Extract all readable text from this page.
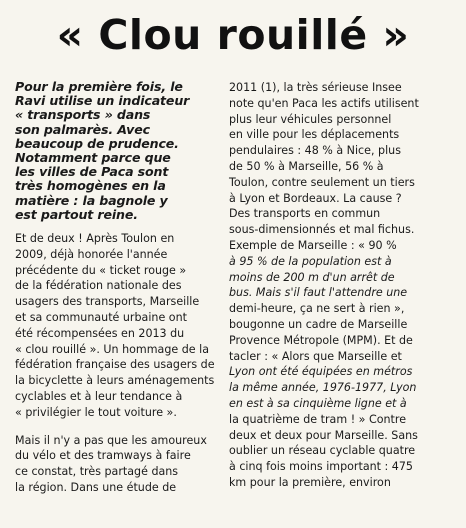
« Clou rouillé »
Pour la première fois, le
Ravi utilise un indicateur
« transports » dans
son palmarès. Avec
beaucoup de prudence.
Notamment parce que
les villes de Paca sont
très homogènes en la
matière : la bagnole y
est partout reine.

Et de deux ! Après Toulon en
2009, déjà honorée l'année
précédente du « ticket rouge »
de la fédération nationale des
usagers des transports, Marseille
et sa communauté urbaine ont
été récompensées en 2013 du
« clou rouillé ». Un hommage de la
fédération française des usagers de
la bicyclette à leurs aménagements
cyclables et à leur tendance à
« privilégier le tout voiture ».

Mais il n'y a pas que les amoureux
du vélo et des tramways à faire
ce constat, très partagé dans
la région. Dans une étude de

2011 (1), la très sérieuse Insee
note qu'en Paca les actifs utilisent
plus leur véhicules personnel
en ville pour les déplacements
pendulaires : 48 % à Nice, plus
de 50 % à Marseille, 56 % à
Toulon, contre seulement un tiers
à Lyon et Bordeaux. La cause ?
Des transports en commun
sous-dimensionnés et mal fichus.
Exemple de Marseille : « 90 %
à 95 % de la population est à
moins de 200 m d'un arrêt de
bus. Mais s'il faut l'attendre une
demi-heure, ça ne sert à rien »,
bougonne un cadre de Marseille
Provence Métropole (MPM). Et de
tacler : « Alors que Marseille et
Lyon ont été équipées en métros
la même année, 1976-1977, Lyon
en est à sa cinquième ligne et à
la quatrième de tram ! » Contre
deux et deux pour Marseille. Sans
oublier un réseau cyclable quatre
à cinq fois moins important : 475
km pour la première, environ
